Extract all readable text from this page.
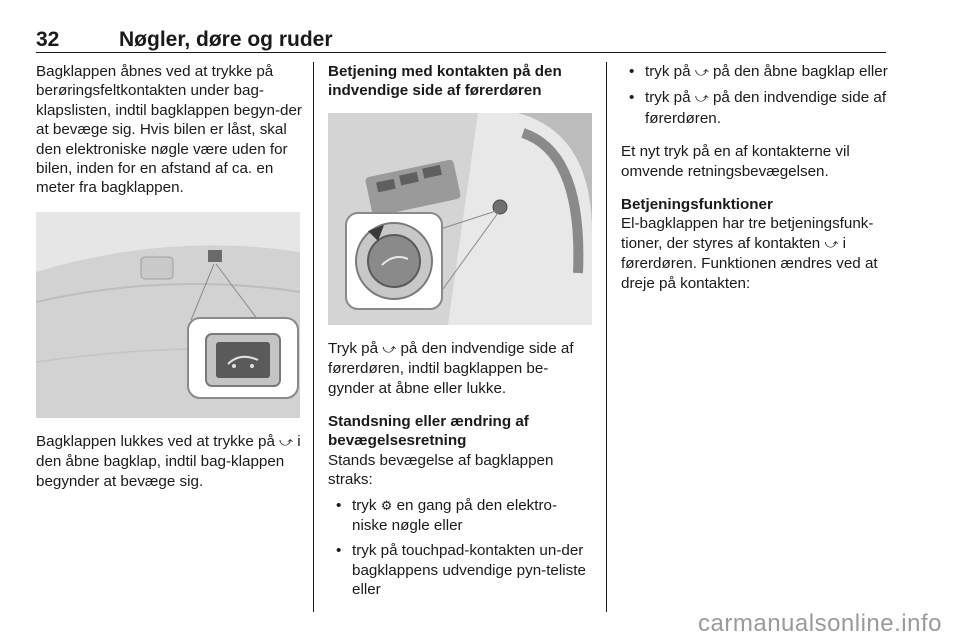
32	Nøgler, døre og ruder

Bagklappen åbnes ved at trykke på berøringsfeltkontakten under bag-klapslisten, indtil bagklappen begyn-der at bevæge sig. Hvis bilen er låst, skal den elektroniske nøgle være uden for bilen, inden for en afstand af ca. en meter fra bagklappen.

Bagklappen lukkes ved at trykke på ⤻ i den åbne bagklap, indtil bag-klappen begynder at bevæge sig.

Betjening med kontakten på den indvendige side af førerdøren

Tryk på ⤻ på den indvendige side af førerdøren, indtil bagklappen be-gynder at åbne eller lukke.

Standsning eller ændring af bevægelsesretning

Stands bevægelse af bagklappen straks:

• tryk ⚙ en gang på den elektro-niske nøgle eller
• tryk på touchpad-kontakten un-der bagklappens udvendige pyn-teliste eller
• tryk på ⤻ på den åbne bagklap eller
• tryk på ⤻ på den indvendige side af førerdøren.

Et nyt tryk på en af kontakterne vil omvende retningsbevægelsen.

Betjeningsfunktioner

El-bagklappen har tre betjeningsfunk-tioner, der styres af kontakten ⤻ i førerdøren. Funktionen ændres ved at dreje på kontakten:

carmanualsonline.info
